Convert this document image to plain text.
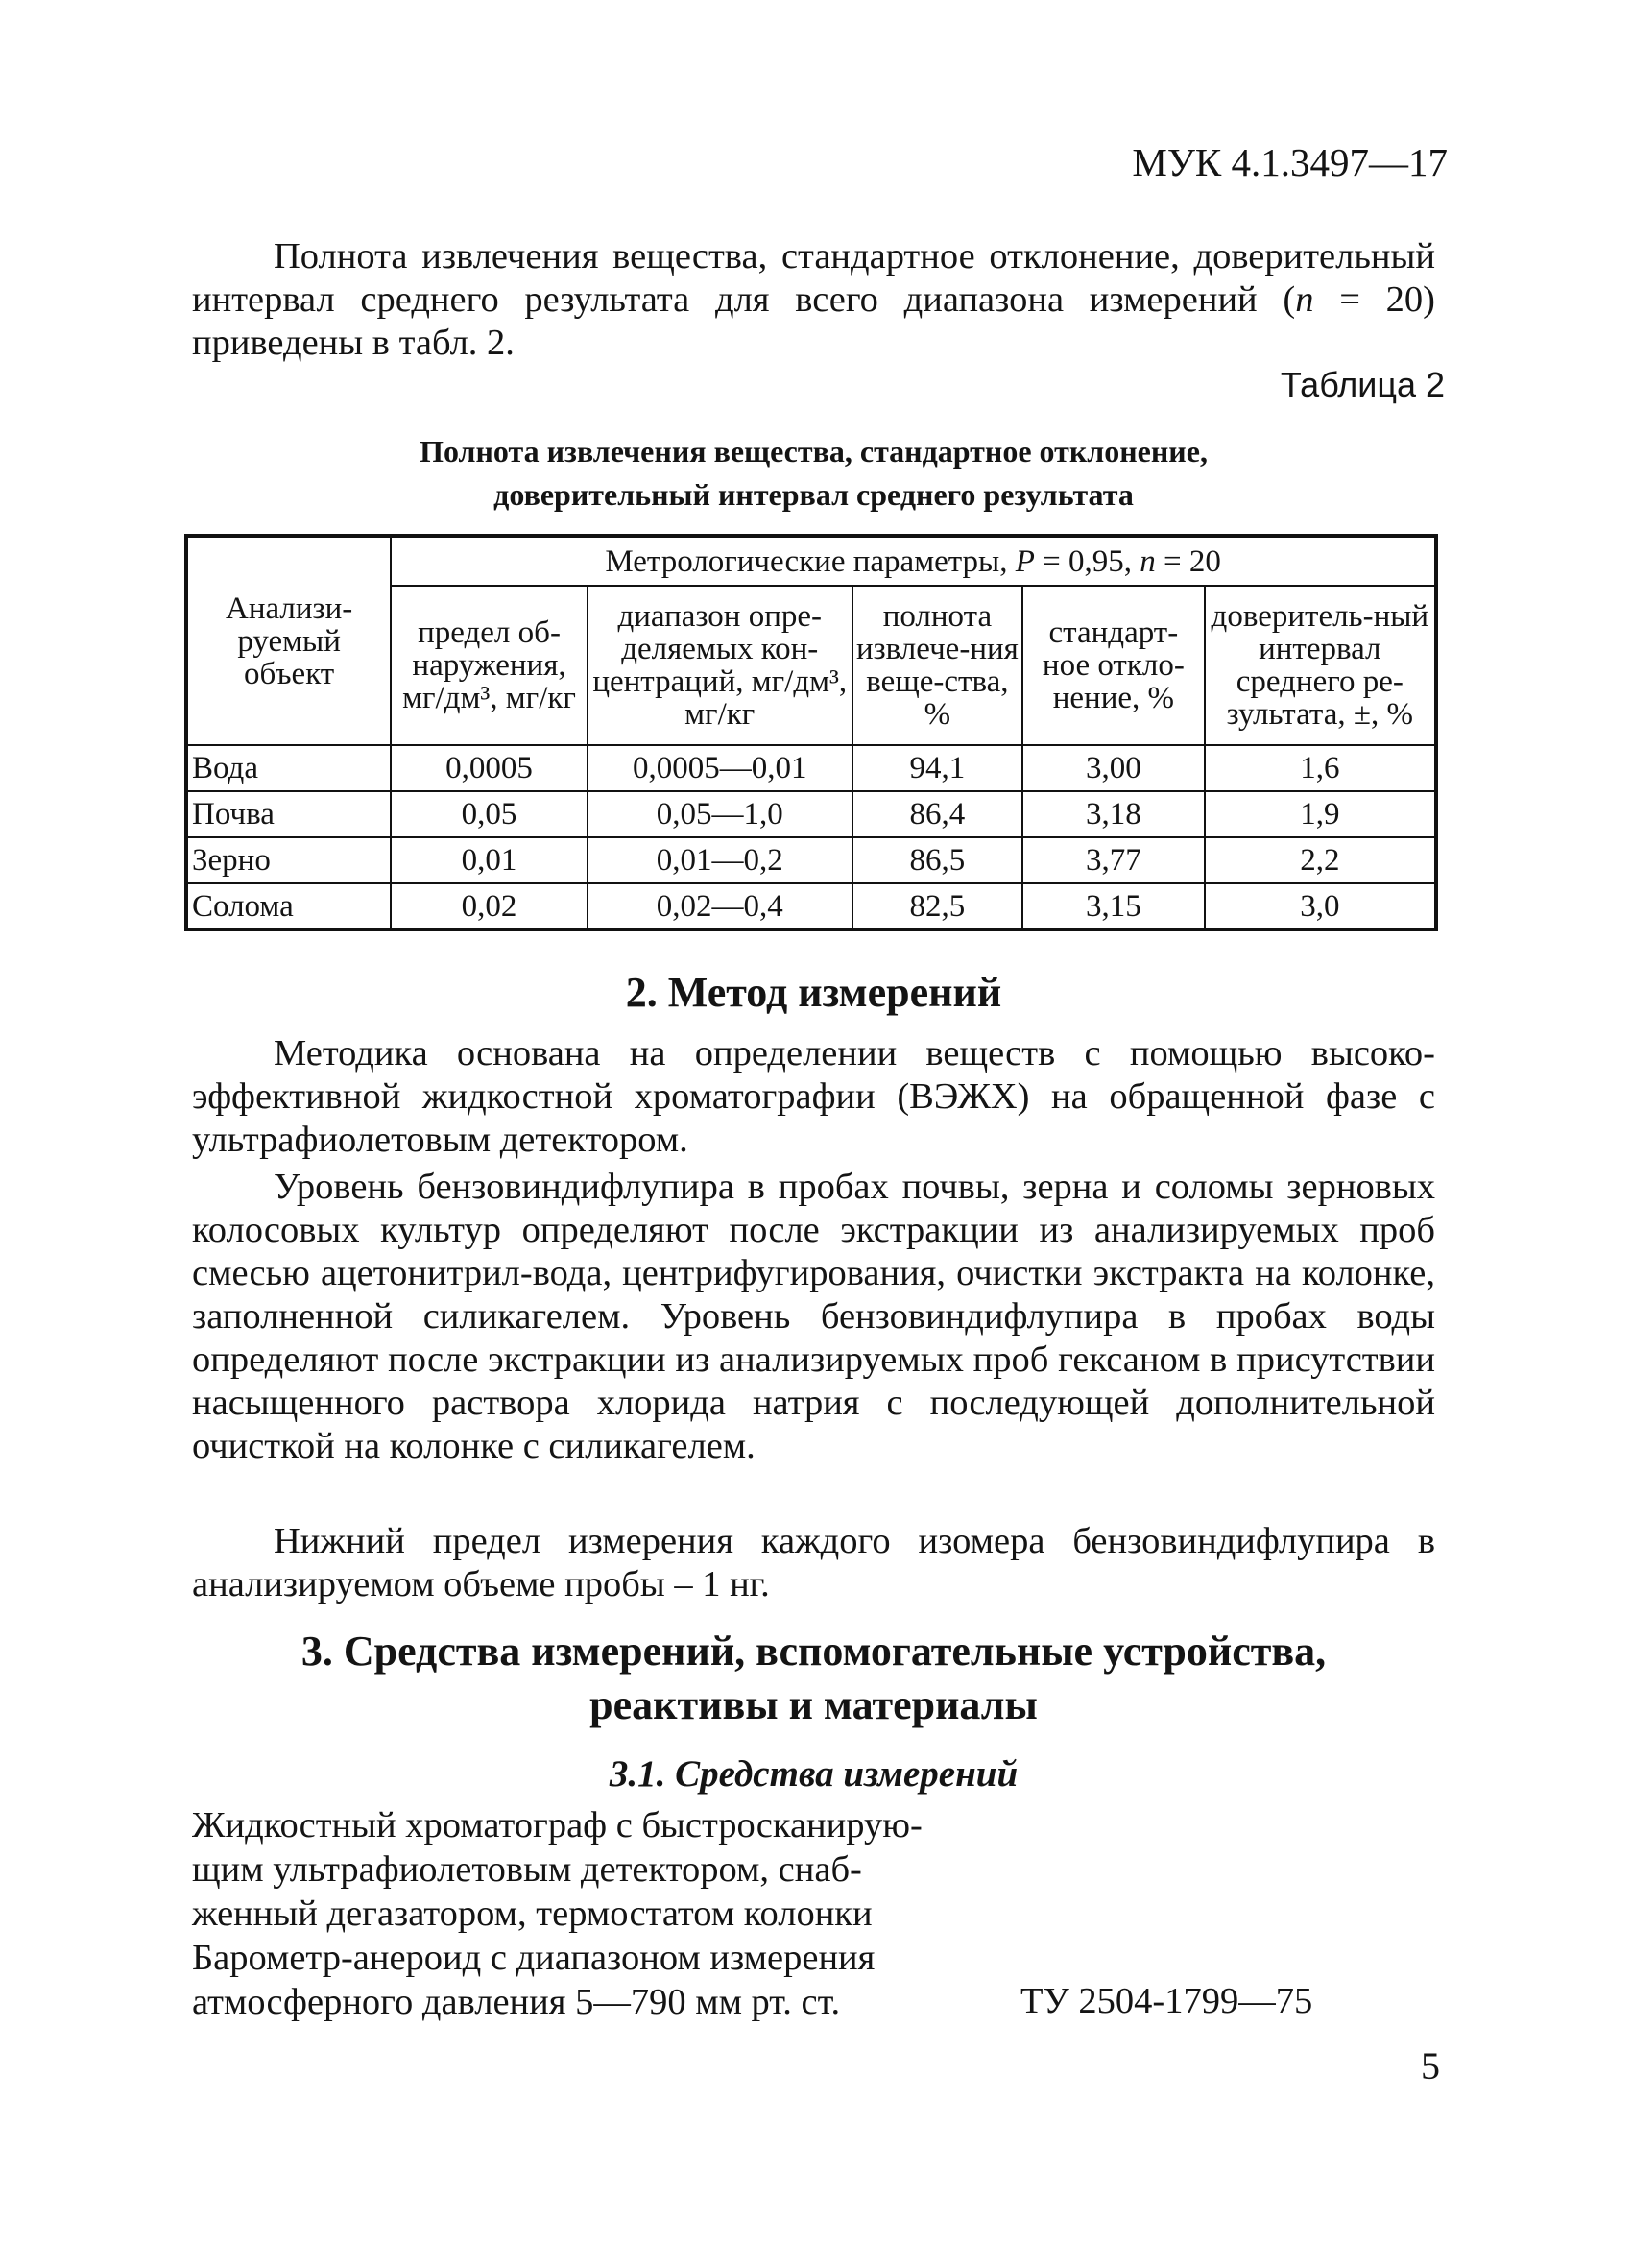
МУК 4.1.3497—17

Полнота извлечения вещества, стандартное отклонение, доверительный интервал среднего результата для всего диапазона измерений (n = 20) приведены в табл. 2.

Таблица 2
Полнота извлечения вещества, стандартное отклонение,
доверительный интервал среднего результата
Анализи-руемый объект	Метрологические параметры, P = 0,95, n = 20				
	предел об-наружения, мг/дм³, мг/кг	диапазон опре-деляемых кон-центраций, мг/дм³, мг/кг	полнота извлече-ния веще-ства, %	стандарт-ное откло-нение, %	доверитель-ный интервал среднего ре-зультата, ±, %
Вода	0,0005	0,0005—0,01	94,1	3,00	1,6
Почва	0,05	0,05—1,0	86,4	3,18	1,9
Зерно	0,01	0,01—0,2	86,5	3,77	2,2
Солома	0,02	0,02—0,4	82,5	3,15	3,0
2. Метод измерений

Методика основана на определении веществ с помощью высокоэффективной жидкостной хроматографии (ВЭЖХ) на обращенной фазе с ультрафиолетовым детектором.

Уровень бензовиндифлупира в пробах почвы, зерна и соломы зерновых колосовых культур определяют после экстракции из анализируемых проб смесью ацетонитрил-вода, центрифугирования, очистки экстракта на колонке, заполненной силикагелем. Уровень бензовиндифлупира в пробах воды определяют после экстракции из анализируемых проб гексаном в присутствии насыщенного раствора хлорида натрия с последующей дополнительной очисткой на колонке с силикагелем.

Нижний предел измерения каждого изомера бензовиндифлупира в анализируемом объеме пробы – 1 нг.

3. Средства измерений, вспомогательные устройства,
реактивы и материалы
3.1. Средства измерений
Жидкостный хроматограф с быстросканирующим ультрафиолетовым детектором, снабженный дегазатором, термостатом колонки
Барометр-анероид с диапазоном измерения атмосферного давления 5—790 мм рт. ст.	ТУ 2504-1799—75
5
